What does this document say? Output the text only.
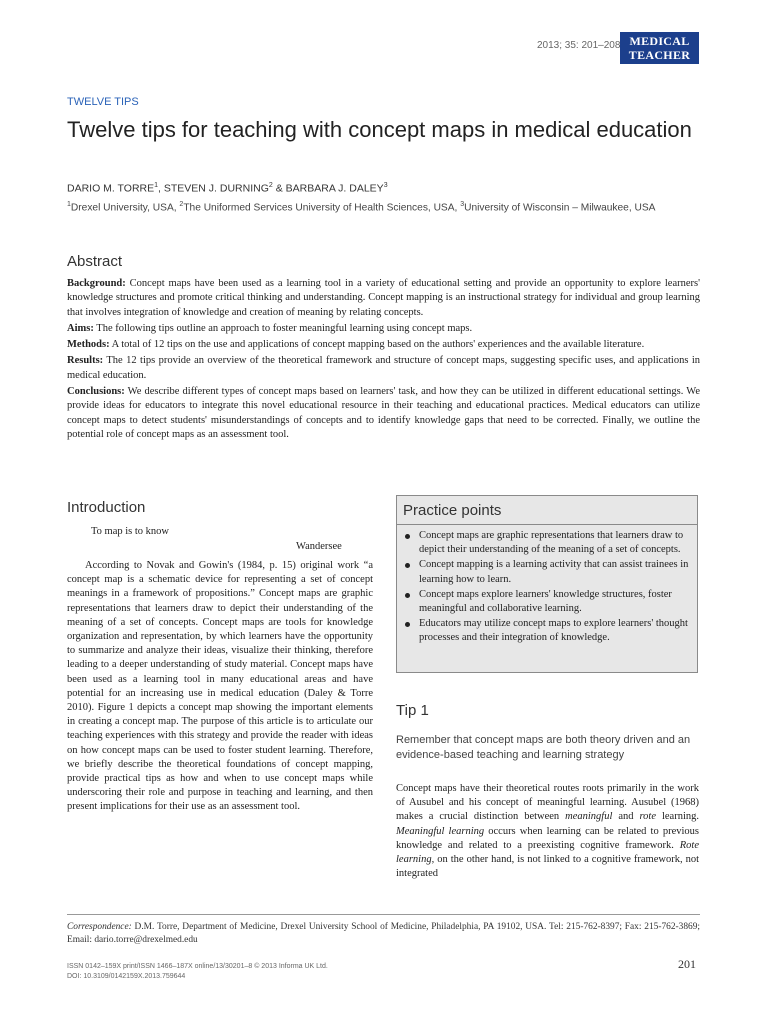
2013; 35: 201–208 MEDICAL
TEACHER
TWELVE TIPS
Twelve tips for teaching with concept maps in medical education
DARIO M. TORRE$^1$, STEVEN J. DURNING$^2$ & BARBARA J. DALEY$^3$
$^1$Drexel University, USA, $^2$The Uniformed Services University of Health Sciences, USA, $^3$University of Wisconsin – Milwaukee, USA
Abstract

Background: Concept maps have been used as a learning tool in a variety of educational setting and provide an opportunity to explore learners' knowledge structures and promote critical thinking and understanding. Concept mapping is an instructional strategy for individual and group learning that involves integration of knowledge and creation of meaning by relating concepts.

Aims: The following tips outline an approach to foster meaningful learning using concept maps.

Methods: A total of 12 tips on the use and applications of concept mapping based on the authors' experiences and the available literature.

Results: The 12 tips provide an overview of the theoretical framework and structure of concept maps, suggesting specific uses, and applications in medical education.

Conclusions: We describe different types of concept maps based on learners' task, and how they can be utilized in different educational settings. We provide ideas for educators to integrate this novel educational resource in their teaching and educational practices. Medical educators can utilize concept maps to detect students' misunderstandings of concepts and to identify knowledge gaps that need to be corrected. Finally, we outline the potential role of concept maps as an assessment tool.

Introduction
To map is to know
Wandersee

According to Novak and Gowin's (1984, p. 15) original work “a concept map is a schematic device for representing a set of concept meanings in a framework of propositions.” Concept maps are graphic representations that learners draw to depict their understanding of the meaning of a set of concepts. Concept maps are tools for knowledge organization and representation, by which learners have the opportunity to summarize and analyze their ideas, visualize their thinking, therefore leading to a deeper understanding of study material. Concept maps have been used as a learning tool in many educational areas and have potential for an increasing use in medical education (Daley & Torre 2010). Figure 1 depicts a concept map showing the important elements in creating a concept map. The purpose of this article is to articulate our teaching experiences with this strategy and provide the reader with ideas on how concept maps can be used to foster student learning. Therefore, we briefly describe the theoretical foundations of concept mapping, provide practical tips as how and when to use concept maps while underscoring their role and purpose in teaching and learning, and then present implications for their use as an assessment tool.

Practice points
Concept maps are graphic representations that learners draw to depict their understanding of the meaning of a set of concepts.
Concept mapping is a learning activity that can assist trainees in learning how to learn.
Concept maps explore learners' knowledge structures, foster meaningful and collaborative learning.
Educators may utilize concept maps to explore learners' thought processes and their integration of knowledge.
Tip 1
Remember that concept maps are both theory driven and an evidence-based teaching and learning strategy

Concept maps have their theoretical routes roots primarily in the work of Ausubel and his concept of meaningful learning. Ausubel (1968) makes a crucial distinction between meaningful and rote learning. Meaningful learning occurs when learning can be related to previous knowledge and related to a preexisting cognitive framework. Rote learning, on the other hand, is not linked to a cognitive framework, not integrated

Correspondence: D.M. Torre, Department of Medicine, Drexel University School of Medicine, Philadelphia, PA 19102, USA. Tel: 215-762-8397; Fax: 215-762-3869; Email: dario.torre@drexelmed.edu
ISSN 0142–159X print/ISSN 1466–187X online/13/30201–8 © 2013 Informa UK Ltd.
DOI: 10.3109/0142159X.2013.759644
201
